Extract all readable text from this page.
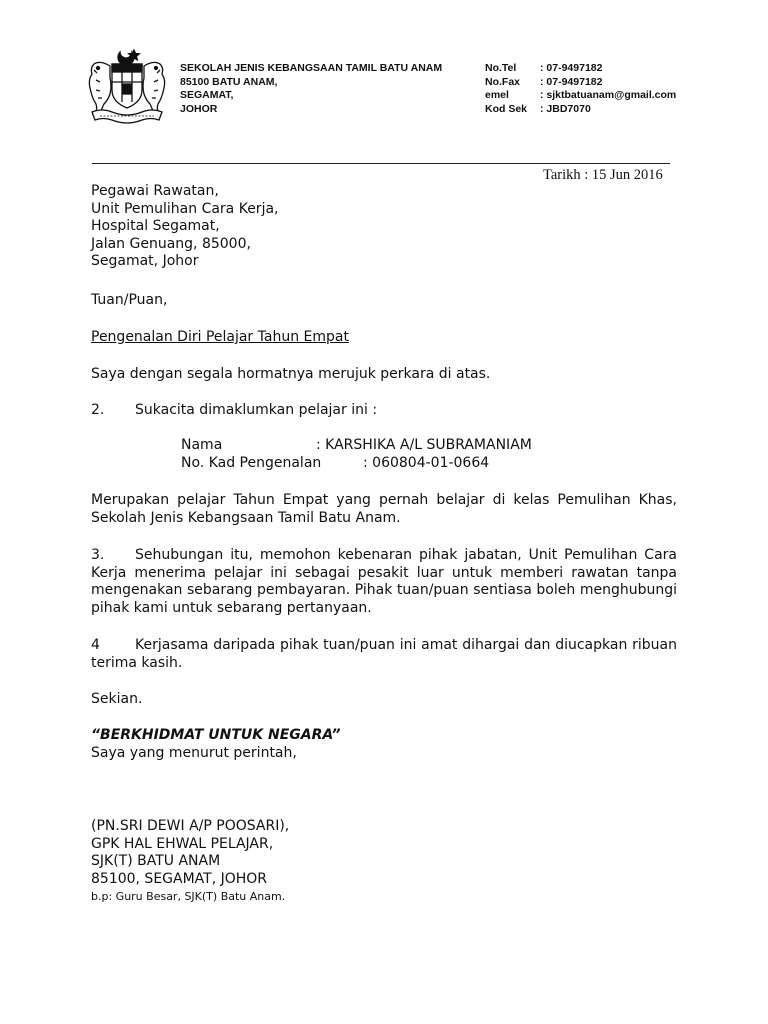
SEKOLAH JENIS KEBANGSAAN TAMIL BATU ANAM
85100 BATU ANAM,
SEGAMAT,
JOHOR
No.Tel : 07-9497182
No.Fax : 07-9497182
emel	: sjktbatuanam@gmail.com
Kod Sek : JBD7070
Tarikh : 15 Jun 2016
Pegawai Rawatan,
Unit Pemulihan Cara Kerja,
Hospital Segamat,
Jalan Genuang, 85000,
Segamat, Johor
Tuan/Puan,
Pengenalan Diri Pelajar Tahun Empat
Saya dengan segala hormatnya merujuk perkara di atas.
2. Sukacita dimaklumkan pelajar ini :
Nama	: KARSHIKA A/L SUBRAMANIAM
No. Kad Pengenalan	: 060804-01-0664
Merupakan pelajar Tahun Empat yang pernah belajar di kelas Pemulihan Khas, Sekolah Jenis Kebangsaan Tamil Batu Anam.
3. Sehubungan itu, memohon kebenaran pihak jabatan, Unit Pemulihan Cara Kerja menerima pelajar ini sebagai pesakit luar untuk memberi rawatan tanpa mengenakan sebarang pembayaran. Pihak tuan/puan sentiasa boleh menghubungi pihak kami untuk sebarang pertanyaan.
4	Kerjasama daripada pihak tuan/puan ini amat dihargai dan diucapkan ribuan terima kasih.
Sekian.
“BERKHIDMAT UNTUK NEGARA”
Saya yang menurut perintah,
(PN.SRI DEWI A/P POOSARI),
GPK HAL EHWAL PELAJAR,
SJK(T) BATU ANAM
85100, SEGAMAT, JOHOR
b.p: Guru Besar, SJK(T) Batu Anam.
